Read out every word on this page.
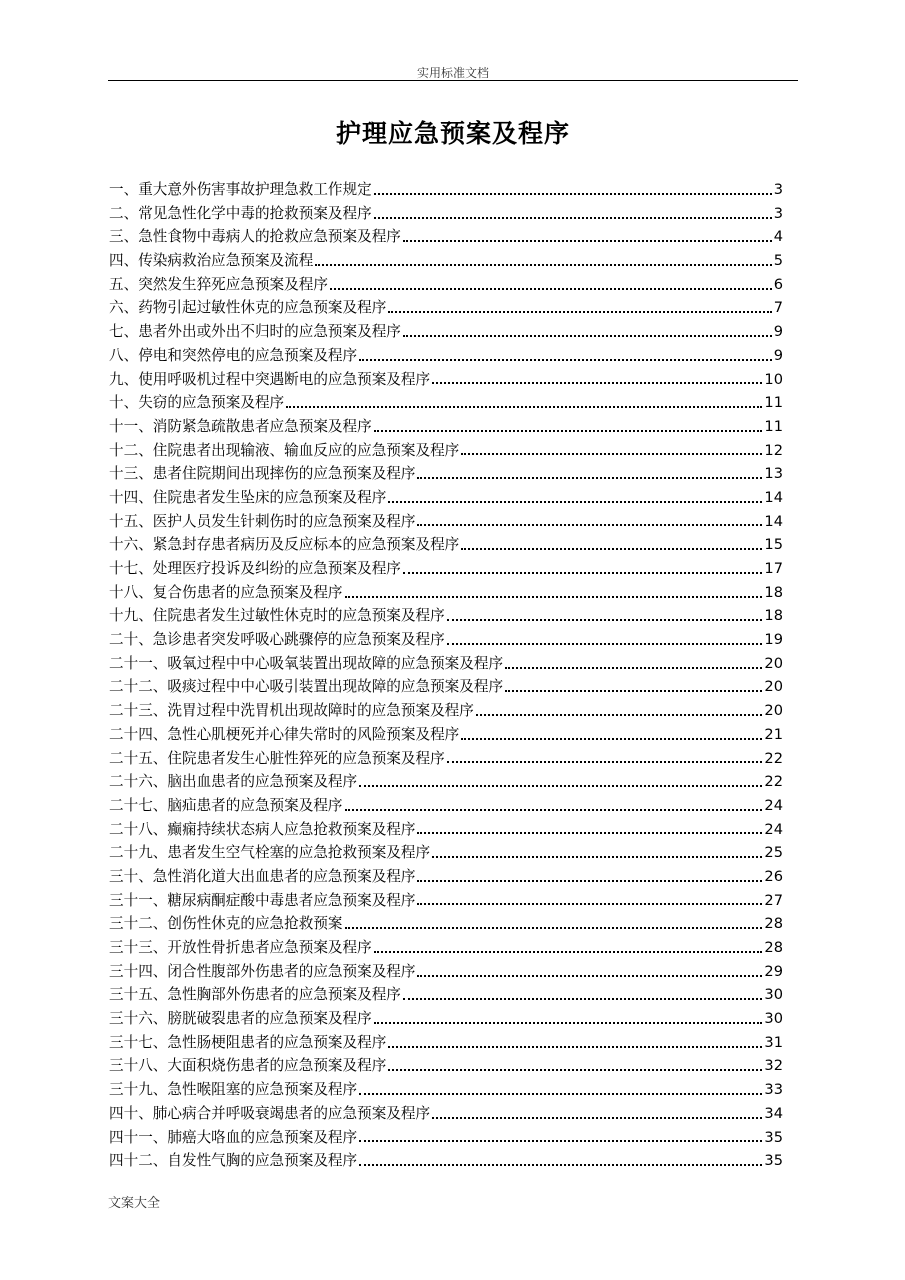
实用标准文档
护理应急预案及程序
一、重大意外伤害事故护理急救工作规定	3
二、常见急性化学中毒的抢救预案及程序	3
三、急性食物中毒病人的抢救应急预案及程序	4
四、传染病救治应急预案及流程	5
五、突然发生猝死应急预案及程序	6
六、药物引起过敏性休克的应急预案及程序	7
七、患者外出或外出不归时的应急预案及程序	9
八、停电和突然停电的应急预案及程序	9
九、使用呼吸机过程中突遇断电的应急预案及程序	10
十、失窃的应急预案及程序	11
十一、消防紧急疏散患者应急预案及程序	11
十二、住院患者出现输液、输血反应的应急预案及程序	12
十三、患者住院期间出现摔伤的应急预案及程序	13
十四、住院患者发生坠床的应急预案及程序	14
十五、医护人员发生针刺伤时的应急预案及程序	14
十六、紧急封存患者病历及反应标本的应急预案及程序	15
十七、处理医疗投诉及纠纷的应急预案及程序	17
十八、复合伤患者的应急预案及程序	18
十九、住院患者发生过敏性休克时的应急预案及程序	18
二十、急诊患者突发呼吸心跳骤停的应急预案及程序	19
二十一、吸氧过程中中心吸氧装置出现故障的应急预案及程序	20
二十二、吸痰过程中中心吸引装置出现故障的应急预案及程序	20
二十三、洗胃过程中洗胃机出现故障时的应急预案及程序	20
二十四、急性心肌梗死并心律失常时的风险预案及程序	21
二十五、住院患者发生心脏性猝死的应急预案及程序	22
二十六、脑出血患者的应急预案及程序	22
二十七、脑疝患者的应急预案及程序	24
二十八、癫痫持续状态病人应急抢救预案及程序	24
二十九、患者发生空气栓塞的应急抢救预案及程序	25
三十、急性消化道大出血患者的应急预案及程序	26
三十一、糖尿病酮症酸中毒患者应急预案及程序	27
三十二、创伤性休克的应急抢救预案	28
三十三、开放性骨折患者应急预案及程序	28
三十四、闭合性腹部外伤患者的应急预案及程序	29
三十五、急性胸部外伤患者的应急预案及程序	30
三十六、膀胱破裂患者的应急预案及程序	30
三十七、急性肠梗阻患者的应急预案及程序	31
三十八、大面积烧伤患者的应急预案及程序	32
三十九、急性喉阻塞的应急预案及程序	33
四十、肺心病合并呼吸衰竭患者的应急预案及程序	34
四十一、肺癌大咯血的应急预案及程序	35
四十二、自发性气胸的应急预案及程序	35
文案大全
